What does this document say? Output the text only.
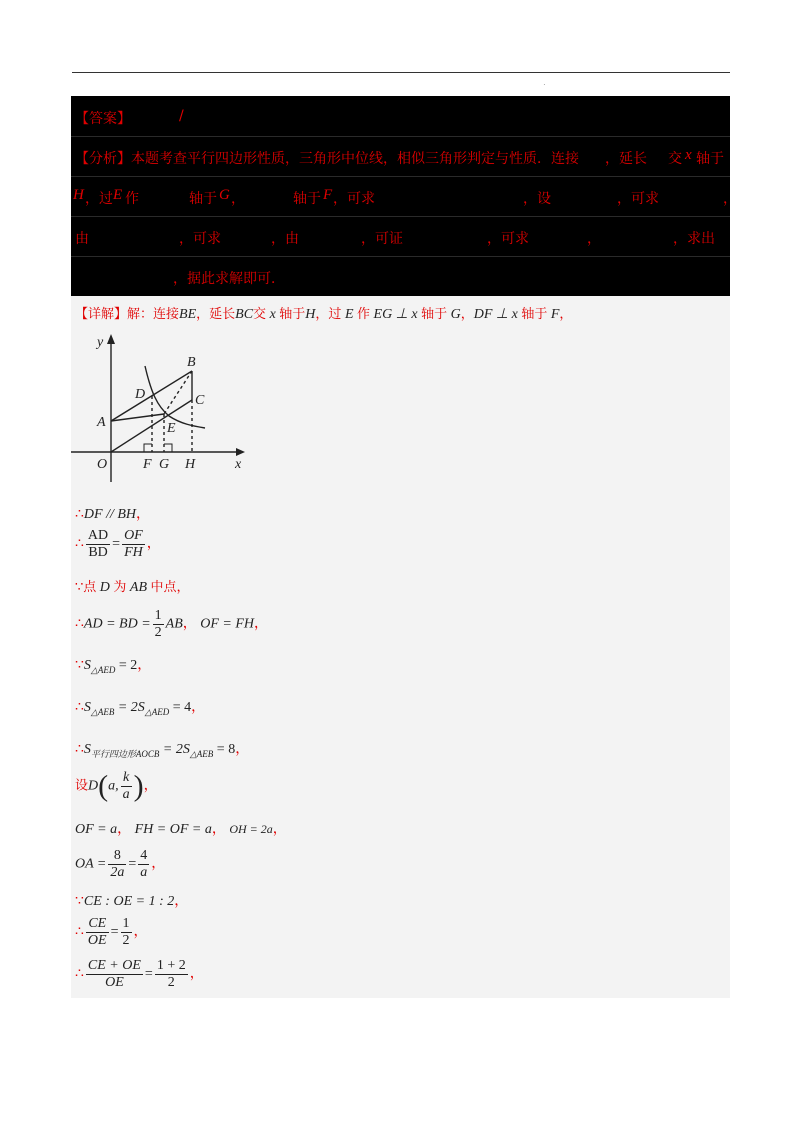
·
【答案】	/
【分析】 本题考查平行四边形性质，三角形中位线，相似三角形判定与性质．连接 ，延长 交 x 轴于
H ，过 E 作	轴于 G ，	轴于 F ，可求	，设	，可求	，
由	，可求	，由	，可证	，可求	，	，求出
，据此求解即可．
【详解】解：连接BE，延长BC交 x 轴于H，过 E 作 EG ⊥ x 轴于 G，DF ⊥ x 轴于 F，
y
x
O
A
B
C
D
E
F G H
∴DF // BH，
∴ $\frac{AD}{BD} = \frac{OF}{FH}$ ，
∵点 D 为 AB 中点，
∴AD = BD = $\frac{1}{2}$ AB， OF = FH，
$\because S_{\triangle AED} = 2$，
$\therefore S_{\triangle AEB} = 2S_{\triangle AED} = 4$，
$\therefore S_{平行四边形AOCB} = 2S_{\triangle AEB} = 8$，
设D(a, $\frac{k}{a}$ )，
OF = a， FH = OF = a， OH = 2a，
OA = $\frac{8}{2a} = \frac{4}{a}$ ，
∵CE : OE = 1 : 2，
∴ $\frac{CE}{OE} = \frac{1}{2}$ ，
∴ $\frac{CE + OE}{OE} = \frac{1 + 2}{2}$ ，
